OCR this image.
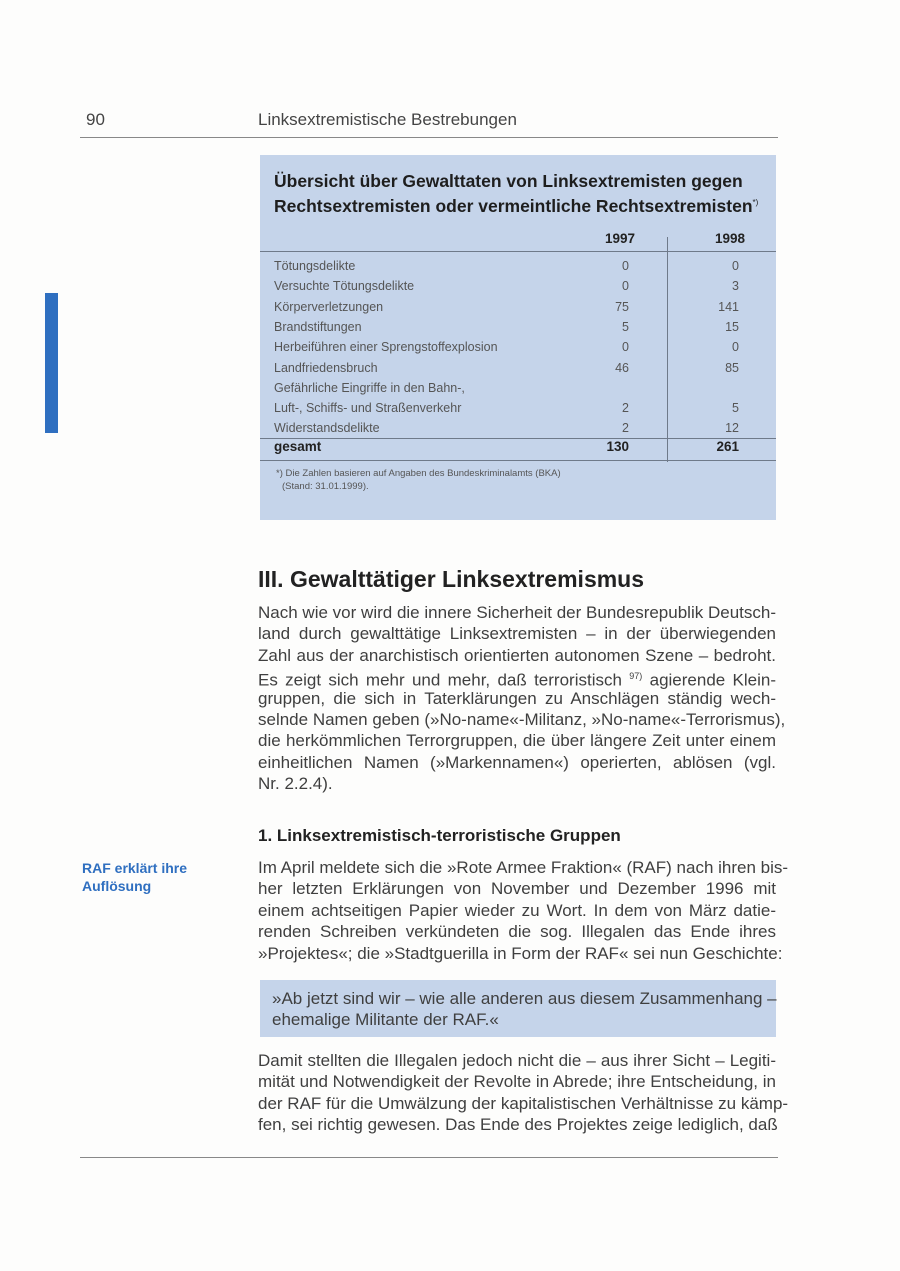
90	Linksextremistische Bestrebungen
Übersicht über Gewalttaten von Linksextremisten gegen
Rechtsextremisten oder vermeintliche Rechtsextremisten*)
1997	1998
Tötungsdelikte	0	0
Versuchte Tötungsdelikte	0	3
Körperverletzungen	75	141
Brandstiftungen	5	15
Herbeiführen einer Sprengstoffexplosion	0	0
Landfriedensbruch	46	85
Gefährliche Eingriffe in den Bahn-,
Luft-, Schiffs- und Straßenverkehr	2	5
Widerstandsdelikte	2	12
gesamt	130	261
*) Die Zahlen basieren auf Angaben des Bundeskriminalamts (BKA)
(Stand: 31.01.1999).
III. Gewalttätiger Linksextremismus
Nach wie vor wird die innere Sicherheit der Bundesrepublik Deutsch-
land durch gewalttätige Linksextremisten – in der überwiegenden
Zahl aus der anarchistisch orientierten autonomen Szene – bedroht.
Es zeigt sich mehr und mehr, daß terroristisch $^{97)}$ agierende Klein-
gruppen, die sich in Taterklärungen zu Anschlägen ständig wech-
selnde Namen geben (»No-name«-Militanz, »No-name«-Terrorismus),
die herkömmlichen Terrorgruppen, die über längere Zeit unter einem
einheitlichen Namen (»Markennamen«) operierten, ablösen (vgl.
Nr. 2.2.4).
1. Linksextremistisch-terroristische Gruppen
RAF erklärt ihre
Auflösung
Im April meldete sich die »Rote Armee Fraktion« (RAF) nach ihren bis-
her letzten Erklärungen von November und Dezember 1996 mit
einem achtseitigen Papier wieder zu Wort. In dem von März datie-
renden Schreiben verkündeten die sog. Illegalen das Ende ihres
»Projektes«; die »Stadtguerilla in Form der RAF« sei nun Geschichte:
»Ab jetzt sind wir – wie alle anderen aus diesem Zusammenhang –
ehemalige Militante der RAF.«
Damit stellten die Illegalen jedoch nicht die – aus ihrer Sicht – Legiti-
mität und Notwendigkeit der Revolte in Abrede; ihre Entscheidung, in
der RAF für die Umwälzung der kapitalistischen Verhältnisse zu kämp-
fen, sei richtig gewesen. Das Ende des Projektes zeige lediglich, daß
